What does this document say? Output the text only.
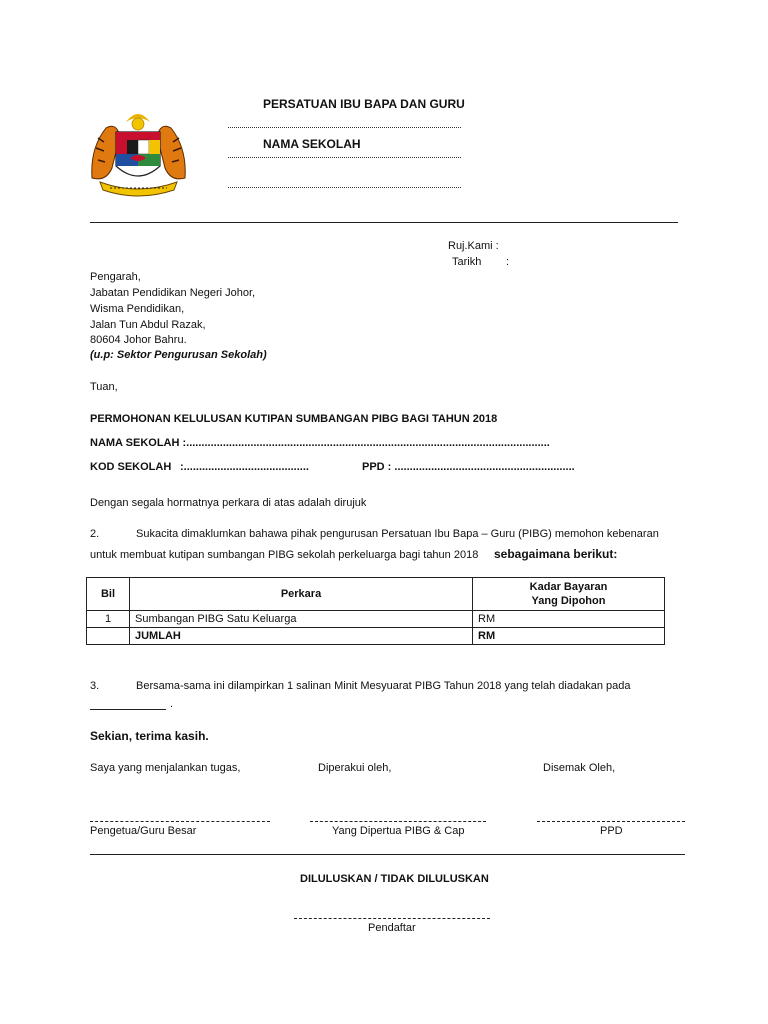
PERSATUAN IBU BAPA DAN GURU
NAMA SEKOLAH
Ruj.Kami :
Tarikh :
Pengarah,
Jabatan Pendidikan Negeri Johor,
Wisma Pendidikan,
Jalan Tun Abdul Razak,
80604 Johor Bahru.
(u.p: Sektor Pengurusan Sekolah)
Tuan,
PERMOHONAN KELULUSAN KUTIPAN SUMBANGAN PIBG BAGI TAHUN 2018
NAMA SEKOLAH :.......................................................................................................................
KOD SEKOLAH :.........................................	PPD : ...........................................................
Dengan segala hormatnya perkara di atas adalah dirujuk
2.	Sukacita dimaklumkan bahawa pihak pengurusan Persatuan Ibu Bapa – Guru (PIBG) memohon kebenaran
untuk membuat kutipan sumbangan PIBG sekolah perkeluarga bagi tahun 2018 sebagaimana berikut:
Bil	Perkara	Kadar Bayaran
Yang Dipohon

1	Sumbangan PIBG Satu Keluarga	RM
	JUMLAH	RM
3.	Bersama-sama ini dilampirkan 1 salinan Minit Mesyuarat PIBG Tahun 2018 yang telah diadakan pada
.
Sekian, terima kasih.
Saya yang menjalankan tugas,	Diperakui oleh,	Disemak Oleh,
Pengetua/Guru Besar	Yang Dipertua PIBG & Cap	PPD
DILULUSKAN / TIDAK DILULUSKAN
Pendaftar
